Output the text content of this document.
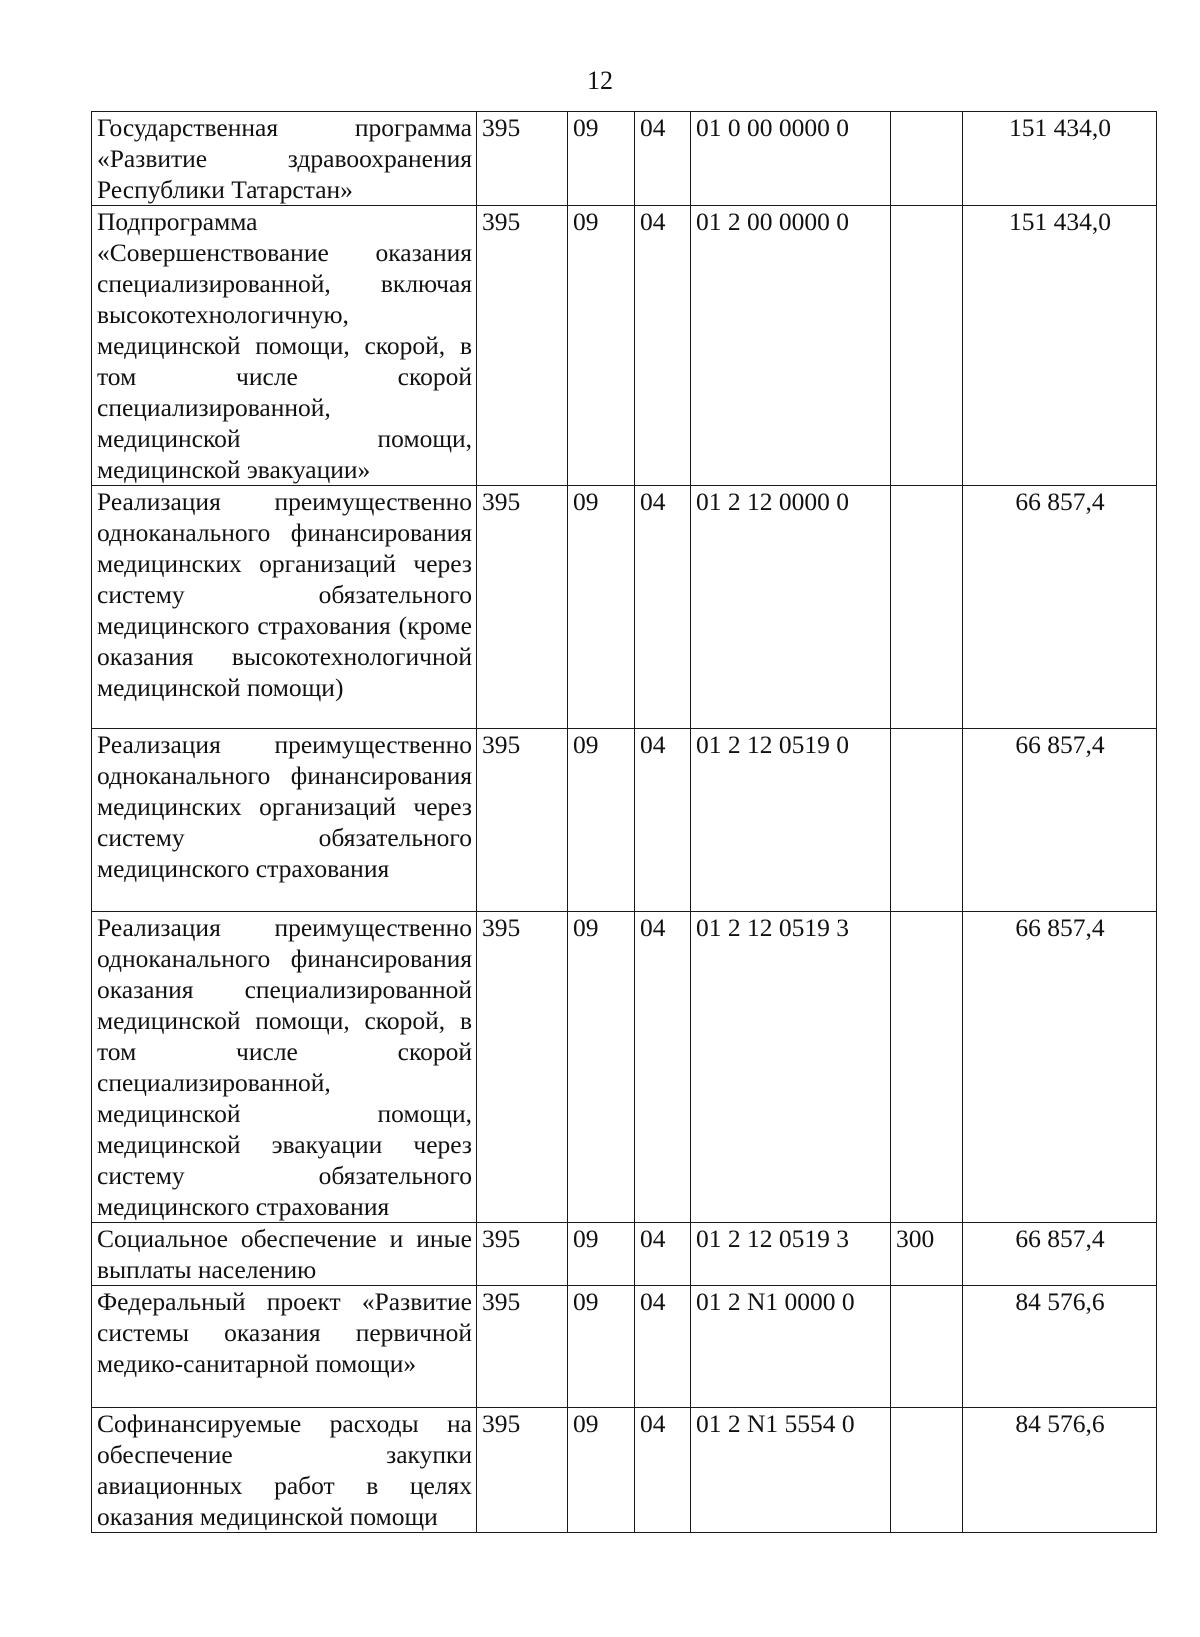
12
Государственная программа «Развитие здравоохранения Республики Татарстан»	395	09	04	01 0 00 0000 0		151 434,0
Подпрограмма «Совершенствование оказания специализированной, включая высокотехнологичную, медицинской помощи, скорой, в том числе скорой специализированной, медицинской помощи, медицинской эвакуации»	395	09	04	01 2 00 0000 0		151 434,0
Реализация преимущественно одноканального финансирования медицинских организаций через систему обязательного медицинского страхования (кроме оказания высокотехнологичной медицинской помощи)	395	09	04	01 2 12 0000 0		66 857,4
Реализация преимущественно одноканального финансирования медицинских организаций через систему обязательного медицинского страхования	395	09	04	01 2 12 0519 0		66 857,4
Реализация преимущественно одноканального финансирования оказания специализированной медицинской помощи, скорой, в том числе скорой специализированной, медицинской помощи, медицинской эвакуации через систему обязательного медицинского страхования	395	09	04	01 2 12 0519 3		66 857,4
Социальное обеспечение и иные выплаты населению	395	09	04	01 2 12 0519 3	300	66 857,4
Федеральный проект «Развитие системы оказания первичной медико-санитарной помощи»	395	09	04	01 2 N1 0000 0		84 576,6
Софинансируемые расходы на обеспечение закупки авиационных работ в целях оказания медицинской помощи	395	09	04	01 2 N1 5554 0		84 576,6
